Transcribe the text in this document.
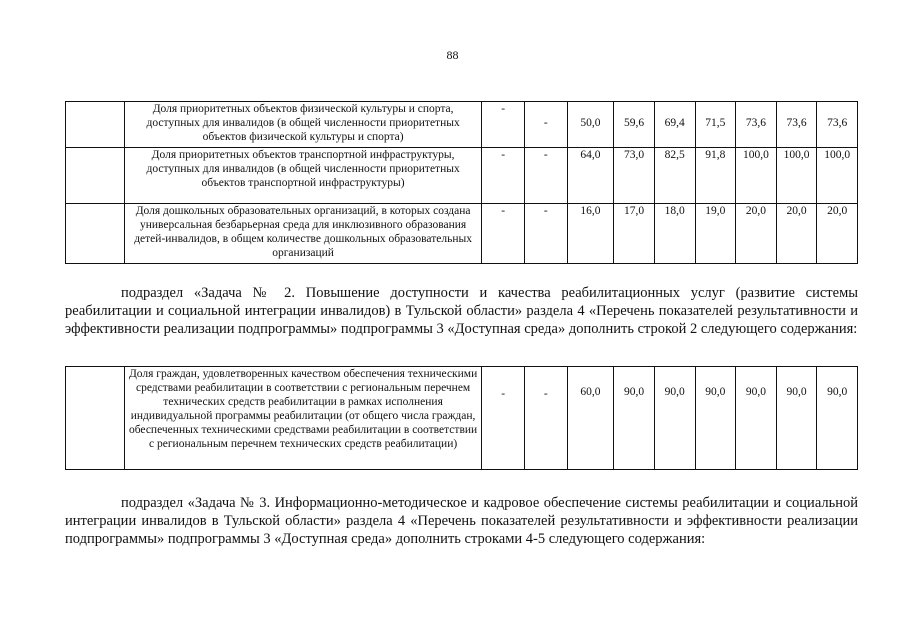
88
	Доля приоритетных объектов физической культуры и спорта, доступных для инвалидов (в общей численности приоритетных объектов физической культуры и спорта)	-	-	50,0	59,6	69,4	71,5	73,6	73,6	73,6
	Доля приоритетных объектов транспортной инфраструктуры, доступных для инвалидов (в общей численности приоритетных объектов транспортной инфраструктуры)	-	-	64,0	73,0	82,5	91,8	100,0	100,0	100,0
	Доля дошкольных образовательных организаций, в которых создана универсальная безбарьерная среда для инклюзивного образования детей-инвалидов, в общем количестве дошкольных образовательных организаций	-	-	16,0	17,0	18,0	19,0	20,0	20,0	20,0
подраздел «Задача № 2. Повышение доступности и качества реабилитационных услуг (развитие системы реабилитации и социальной интеграции инвалидов) в Тульской области» раздела 4 «Перечень показателей результативности и эффективности реализации подпрограммы» подпрограммы 3 «Доступная среда» дополнить строкой 2 следующего содержания:
	Доля граждан, удовлетворенных качеством обеспечения техническими средствами реабилитации в соответствии с региональным перечнем технических средств реабилитации в рамках исполнения индивидуальной программы реабилитации (от общего числа граждан, обеспеченных техническими средствами реабилитации в соответствии с региональным перечнем технических средств реабилитации)	-	-	60,0	90,0	90,0	90,0	90,0	90,0	90,0
подраздел «Задача № 3. Информационно-методическое и кадровое обеспечение системы реабилитации и социальной интеграции инвалидов в Тульской области» раздела 4 «Перечень показателей результативности и эффективности реализации подпрограммы» подпрограммы 3 «Доступная среда» дополнить строками 4-5 следующего содержания:
